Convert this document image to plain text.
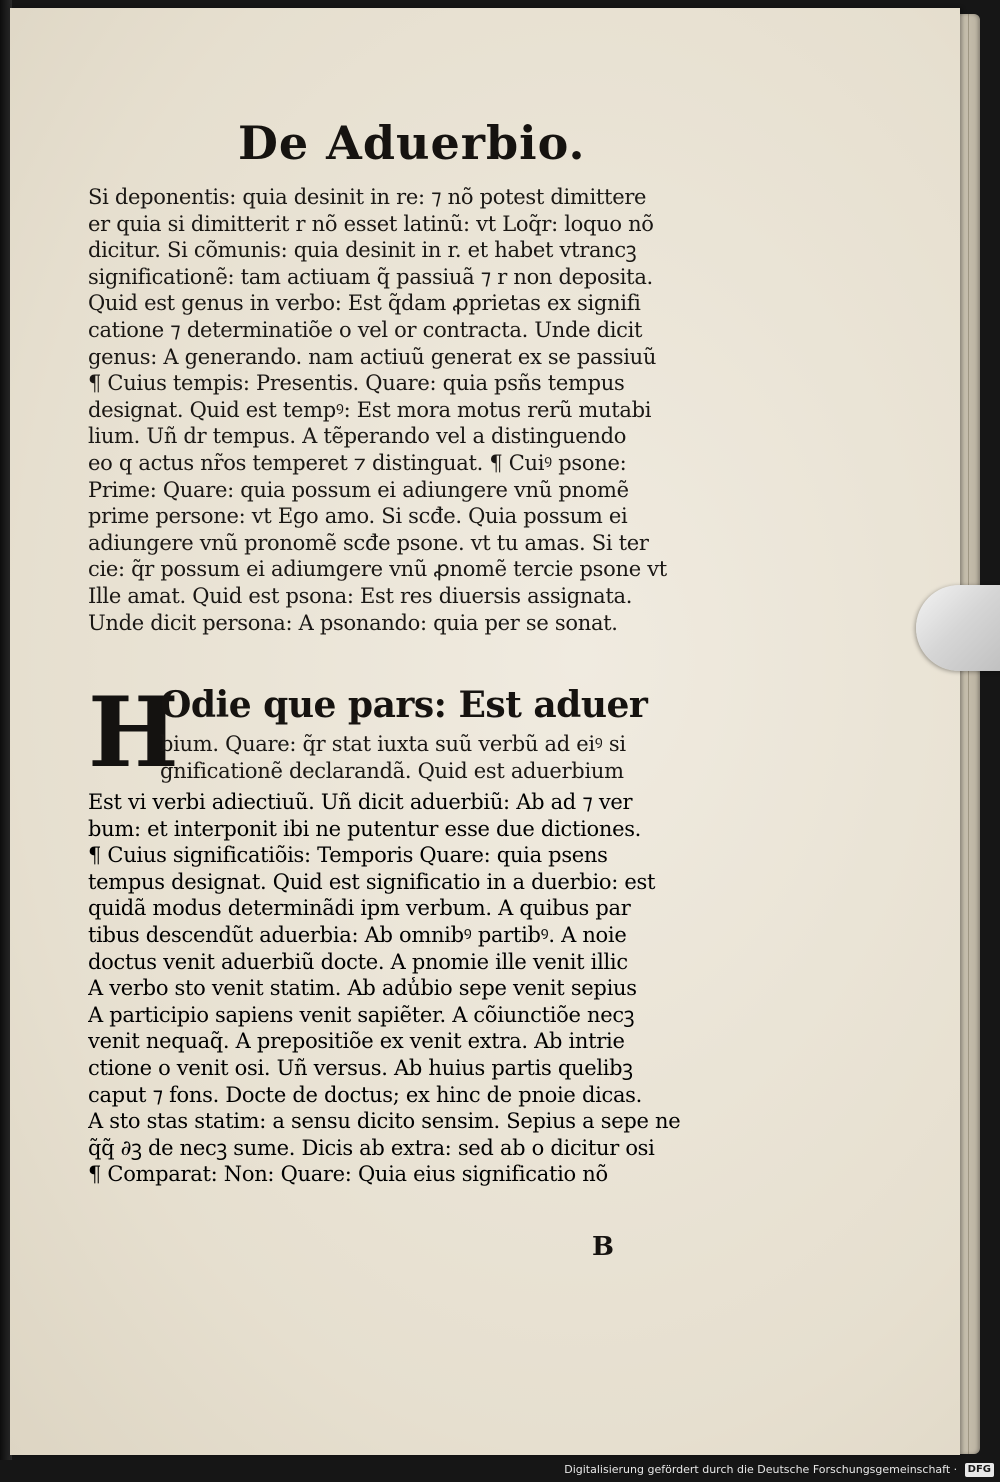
De Aduerbio.
Si deponentis: quia desinit in re: ⁊ nõ potest dimittere
er quia si dimitterit r nõ esset latinũ: vt Loq̃r: loquo nõ
dicitur. Si cõmunis: quia desinit in r. et habet vtrancꝫ
significationẽ: tam actiuam q̃ passiuã ⁊ r non deposita.
Quid est genus in verbo: Est q̃dam ꝓprietas ex signifi
catione ⁊ determinatiõe o vel or contracta. Unde dicit
genus: A generando. nam actiuũ generat ex se passiuũ
¶ Cuius tempis: Presentis. Quare: quia psñs tempus
designat. Quid est tempꝰ: Est mora motus rerũ mutabi
lium. Uñ dr tempus. A tẽperando vel a distinguendo
eo q actus nr̃os temperet ⁊ distinguat. ¶ Cuiꝰ psone:
Prime: Quare: quia possum ei adiungere vnũ pnomẽ
prime persone: vt Ego amo. Si scđe. Quia possum ei
adiungere vnũ pronomẽ scđe psone. vt tu amas. Si ter
cie: q̃r possum ei adiumgere vnũ ꝓnomẽ tercie psone vt
Ille amat. Quid est psona: Est res diuersis assignata.
Unde dicit persona: A psonando: quia per se sonat.
H
Odie que pars: Est aduer
bium. Quare: q̃r stat iuxta suũ verbũ ad eiꝰ si
gnificationẽ declarandã. Quid est aduerbium
Est vi verbi adiectiuũ. Uñ dicit aduerbiũ: Ab ad ⁊ ver
bum: et interponit ibi ne putentur esse due dictiones.
¶ Cuius significatiõis: Temporis Quare: quia psens
tempus designat. Quid est significatio in a duerbio: est
quidã modus determinãdi ipm verbum. A quibus par
tibus descendũt aduerbia: Ab omnibꝰ partibꝰ. A noie
doctus venit aduerbiũ docte. A pnomie ille venit illic
A verbo sto venit statim. Ab adu̾bio sepe venit sepius
A participio sapiens venit sapiẽter. A cõiunctiõe necꝫ
venit nequaq̃. A prepositiõe ex venit extra. Ab intrie
ctione o venit osi. Uñ versus. Ab huius partis quelibꝫ
caput ⁊ fons. Docte de doctus; ex hinc de pnoie dicas.
A sto stas statim: a sensu dicito sensim. Sepius a sepe ne
q̃q̃ ∂ꝫ de necꝫ sume. Dicis ab extra: sed ab o dicitur osi
¶ Comparat: Non: Quare: Quia eius significatio nõ
B
Digitalisierung gefördert durch die Deutsche Forschungsgemeinschaft · DFG
